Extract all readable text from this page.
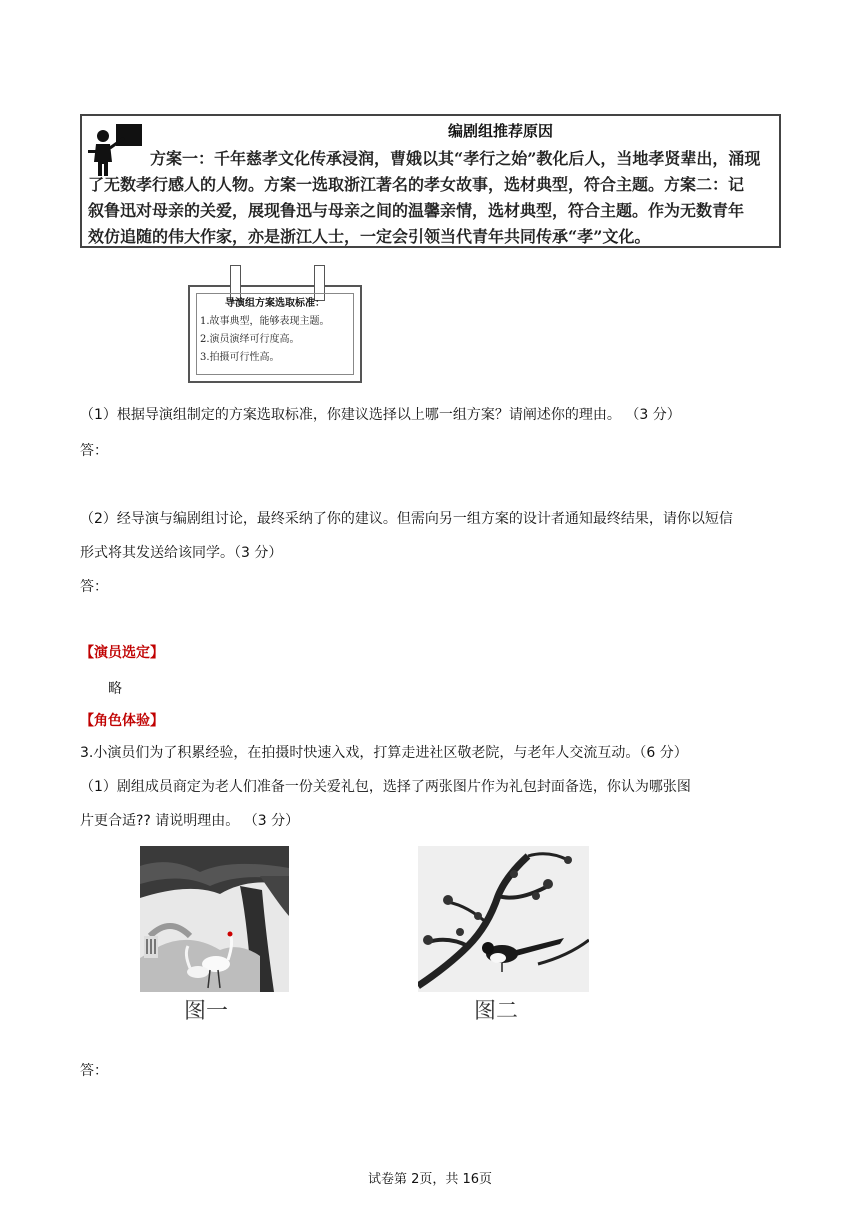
编剧组推荐原因
方案一：千年慈孝文化传承浸润，曹娥以其“孝行之始”教化后人，当地孝贤辈出，涌现
了无数孝行感人的人物。方案一选取浙江著名的孝女故事，选材典型，符合主题。方案二：记
叙鲁迅对母亲的关爱，展现鲁迅与母亲之间的温馨亲情，选材典型，符合主题。作为无数青年
效仿追随的伟大作家，亦是浙江人士，一定会引领当代青年共同传承“孝”文化。
导演组方案选取标准：
1.故事典型，能够表现主题。
2.演员演绎可行度高。
3.拍摄可行性高。
（1）根据导演组制定的方案选取标准，你建议选择以上哪一组方案？请阐述你的理由。 （3 分）
答：
（2）经导演与编剧组讨论，最终采纳了你的建议。但需向另一组方案的设计者通知最终结果，请你以短信
形式将其发送给该同学。（3 分）
答：
【演员选定】
略
【角色体验】
3.小演员们为了积累经验，在拍摄时快速入戏，打算走进社区敬老院，与老年人交流互动。（6 分）
（1）剧组成员商定为老人们准备一份关爱礼包，选择了两张图片作为礼包封面备选，你认为哪张图
片更合适?? 请说明理由。 （3 分）
图一	图二
答：
试卷第 2页，共 16页
